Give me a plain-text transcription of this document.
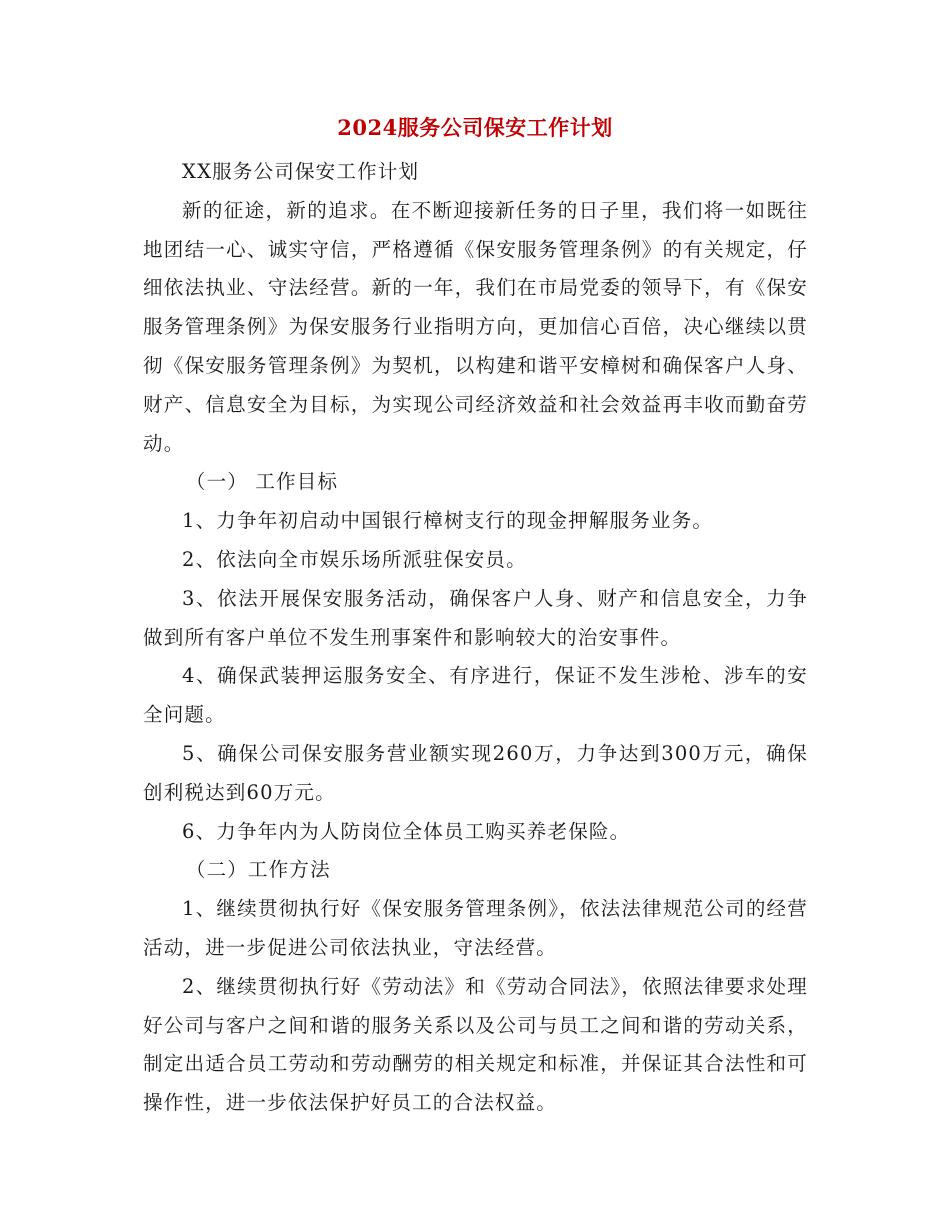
2024服务公司保安工作计划

XX服务公司保安工作计划

新的征途，新的追求。在不断迎接新任务的日子里，我们将一如既往地团结一心、诚实守信，严格遵循《保安服务管理条例》的有关规定，仔细依法执业、守法经营。新的一年，我们在市局党委的领导下，有《保安服务管理条例》为保安服务行业指明方向，更加信心百倍，决心继续以贯彻《保安服务管理条例》为契机，以构建和谐平安樟树和确保客户人身、财产、信息安全为目标，为实现公司经济效益和社会效益再丰收而勤奋劳动。

（一） 工作目标

1、力争年初启动中国银行樟树支行的现金押解服务业务。

2、依法向全市娱乐场所派驻保安员。

3、依法开展保安服务活动，确保客户人身、财产和信息安全，力争做到所有客户单位不发生刑事案件和影响较大的治安事件。

4、确保武装押运服务安全、有序进行，保证不发生涉枪、涉车的安全问题。

5、确保公司保安服务营业额实现260万，力争达到300万元，确保创利税达到60万元。

6、力争年内为人防岗位全体员工购买养老保险。

（二）工作方法

1、继续贯彻执行好《保安服务管理条例》，依法法律规范公司的经营活动，进一步促进公司依法执业，守法经营。

2、继续贯彻执行好《劳动法》和《劳动合同法》，依照法律要求处理好公司与客户之间和谐的服务关系以及公司与员工之间和谐的劳动关系，制定出适合员工劳动和劳动酬劳的相关规定和标准，并保证其合法性和可操作性，进一步依法保护好员工的合法权益。
